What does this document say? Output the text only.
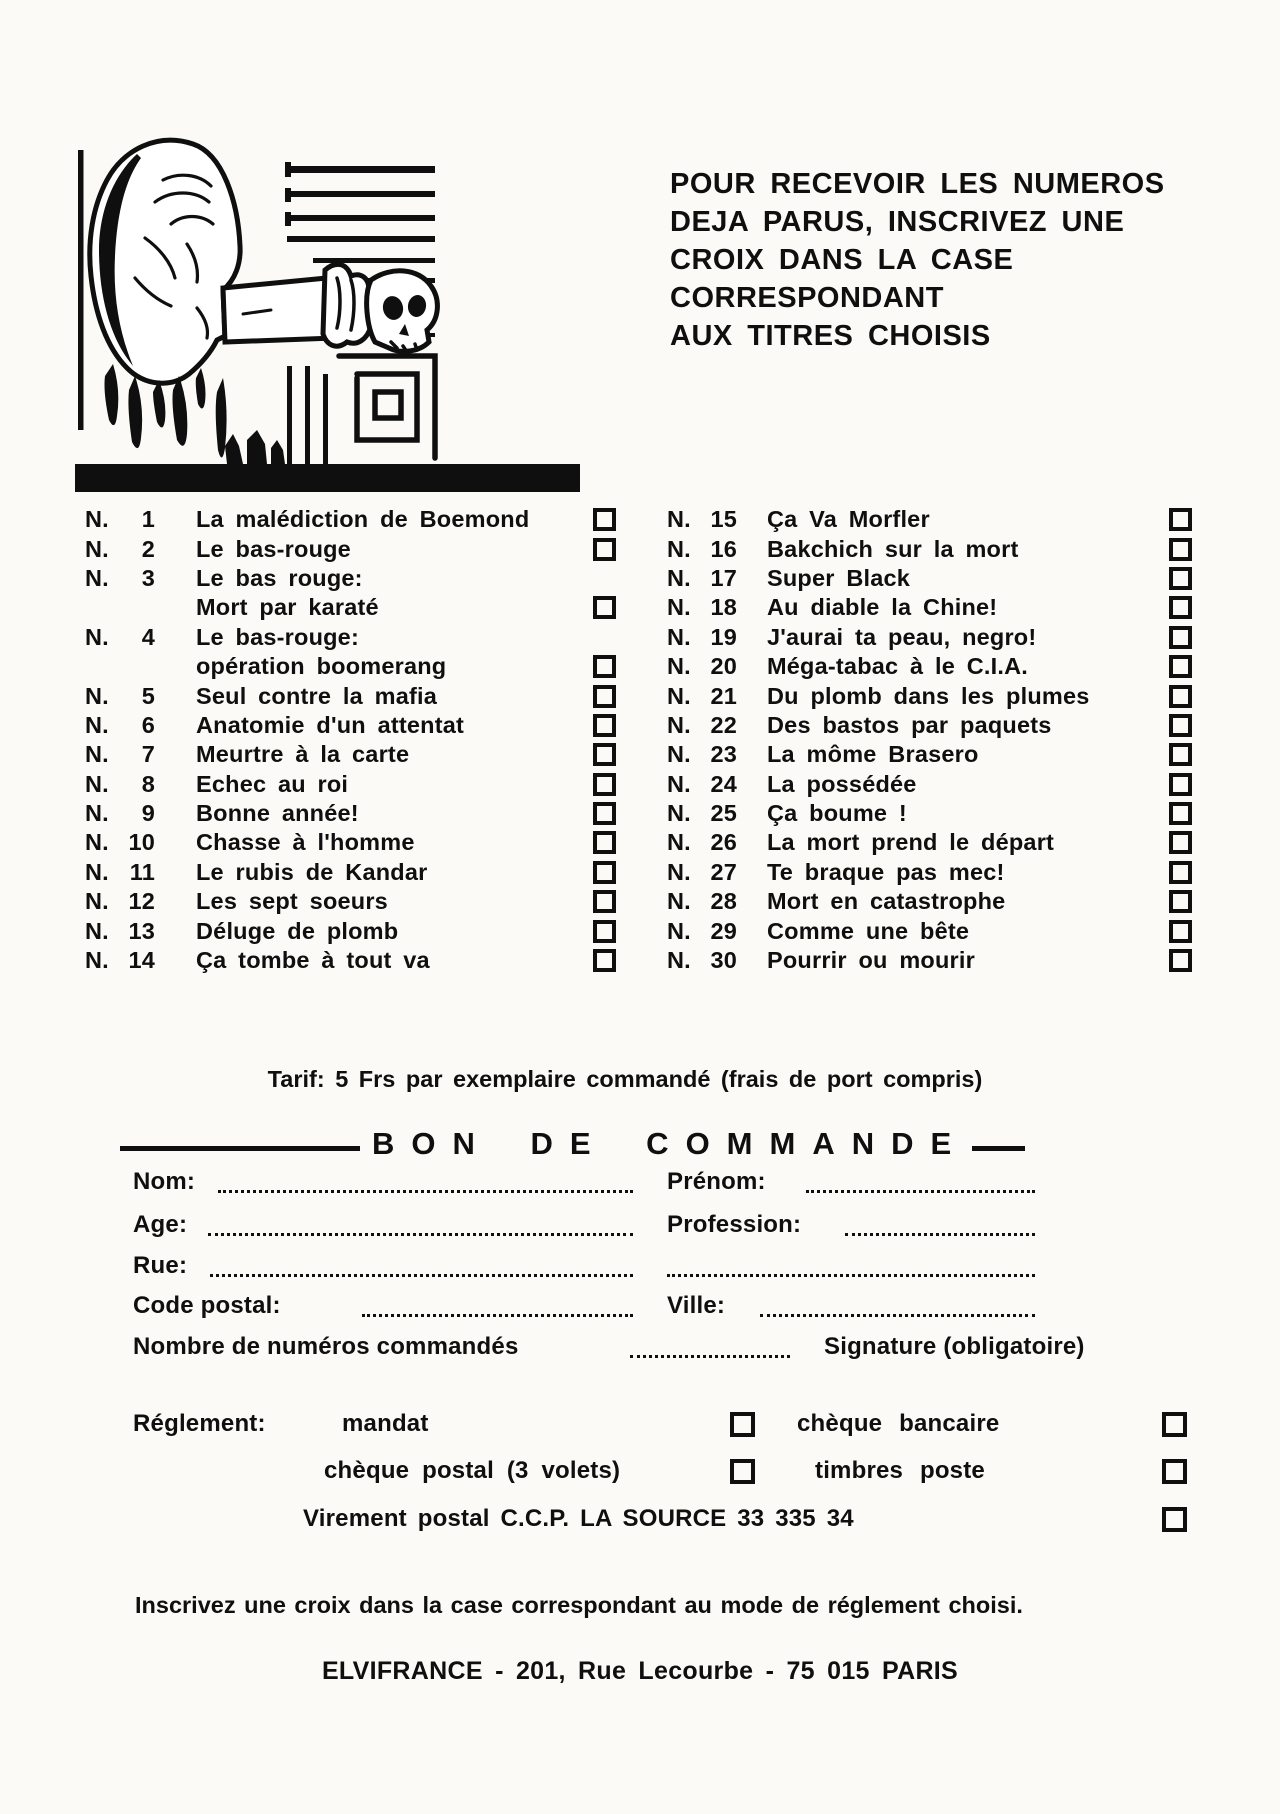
POUR RECEVOIR LES NUMEROS
DEJA PARUS, INSCRIVEZ UNE
CROIX DANS LA CASE
CORRESPONDANT
AUX TITRES CHOISIS
N.	1 La malédiction de Boemond
N.	2 Le bas-rouge
N.	3 Le bas rouge:
Mort par karaté
N.	4 Le bas-rouge:
opération boomerang
N.	5 Seul contre la mafia
N.	6 Anatomie d'un attentat
N.	7 Meurtre à la carte
N.	8 Echec au roi
N.	9 Bonne année!
N. 10 Chasse à l'homme
N. 11 Le rubis de Kandar
N. 12 Les sept soeurs
N. 13 Déluge de plomb
N. 14 Ça tombe à tout va
N. 15 Ça Va Morfler
N. 16 Bakchich sur la mort
N. 17 Super Black
N. 18 Au diable la Chine!
N. 19 J'aurai ta peau, negro!
N. 20 Méga-tabac à le C.I.A.
N. 21 Du plomb dans les plumes
N. 22 Des bastos par paquets
N. 23 La môme Brasero
N. 24 La possédée
N. 25 Ça boume !
N. 26 La mort prend le départ
N. 27 Te braque pas mec!
N. 28 Mort en catastrophe
N. 29 Comme une bête
N. 30 Pourrir ou mourir
Tarif: 5 Frs par exemplaire commandé (frais de port compris)
BON DE COMMANDE
Nom:	Prénom:
Age:	Profession:
Rue:
Code postal:	Ville:
Nombre de numéros commandés	Signature (obligatoire)
Réglement:	mandat	chèque bancaire
chèque postal (3 volets)	timbres poste
Virement postal C.C.P. LA SOURCE 33 335 34
Inscrivez une croix dans la case correspondant au mode de réglement choisi.
ELVIFRANCE - 201, Rue Lecourbe - 75 015 PARIS
